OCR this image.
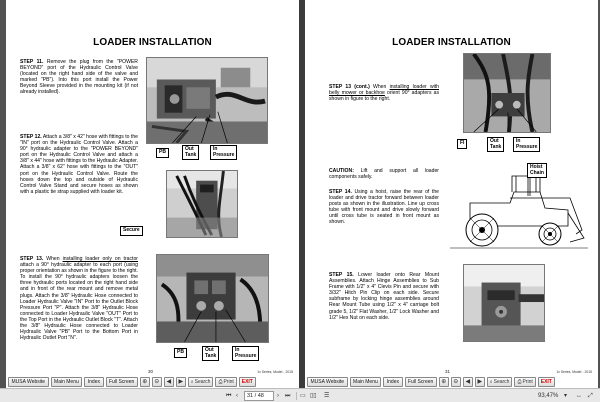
LOADER INSTALLATION
STEP 11. Remove the plug from the "POWER BEYOND" port of the Hydraulic Control Valve (located on the right hand side of the valve and marked "PB"). Into this port install the Power Beyond Sleeve provided in the mounting kit (if not already installed).
STEP 12. Attach a 3/8" x 42" hose with fittings to the "IN" port on the Hydraulic Control Valve. Attach a 90° hydraulic adapter to the "POWER BEYOND" port on the Hydraulic Control Valve and attach a 3/8" x 44" hose with fittings to the Hydraulic Adapter. Attach a 3/8" x 62" hose with fittings to the "OUT" port on the Hydraulic Control Valve. Route the hoses down the top and outside of Hydraulic Control Valve Stand and secure hoses as shown with a plastic tie strap supplied with loader kit.
STEP 13. When installing loader only on tractor attach a 90° hydraulic adapter to each port (using proper orientation as shown in the figure to the right. To install the 90° hydraulic adapters loosen the three hydraulic ports located on the right hand side and in front of the rear mount and remove metal plugs. Attach the 3/8" Hydraulic Hose connected to Loader Hydraulic Valve "IN" Port to the Outlet Block Pressure Port "P". Attach the 3/8" Hydraulic Hose connected to Loader Hydraulic Valve "OUT" Port to the Top Port in the Hydraulic Outlet Block "T". Attach the 3/8" Hydraulic Hose connected to Loader Hydraulic Valve "PB" Port to the Bottom Port in Hydraulic Outlet Port "N".
PB	Out
Tank
In
Pressure
Secure
PB	Out
Tank
In
Pressure
30	1x Series, Model - 2015
MUSA Website	Main Menu	Index	Full Screen	⊕ ⊖ ◀ ▶ ⌕ Search ⎙ Print EXIT
LOADER INSTALLATION
STEP 13 (cont.) When installing loader with belly mower or backhoe orient 90° adapters as shown in figure to the right.
CAUTION: Lift and support all loader components safely.
STEP 14. Using a hoist, raise the rear of the loader and drive tractor forward between loader posts as shown in the illustration. Line up cross tube with front mount and drive slowly forward until cross tube is seated in front mount as shown.
STEP 15. Lower loader onto Rear Mount Assemblies. Attach Hinge Assemblies to Sub Frame with 1/2" x 4" Clevis Pin and secure with 3/32" Hitch Pin Clip on each side. Secure subframe by locking hinge assemblies around Rear Mount Tube using 1/2" x 4" carriage bolt grade 5, 1/2" Flat Washer, 1/2" Lock Washer and 1/2" Hex Nut on each side.
FI	Out
Tank
In
Pressure
Hoist
Chain
31	1x Series, Model - 2015
MUSA Website	Main Menu	Index	Full Screen	⊕ ⊖ ◀ ▶ ⌕ Search ⎙ Print EXIT
⏮ ‹	31 / 48	› ⏭ ▭ ▯▯ ☰	93,47% ▾ ↔ ⤢
